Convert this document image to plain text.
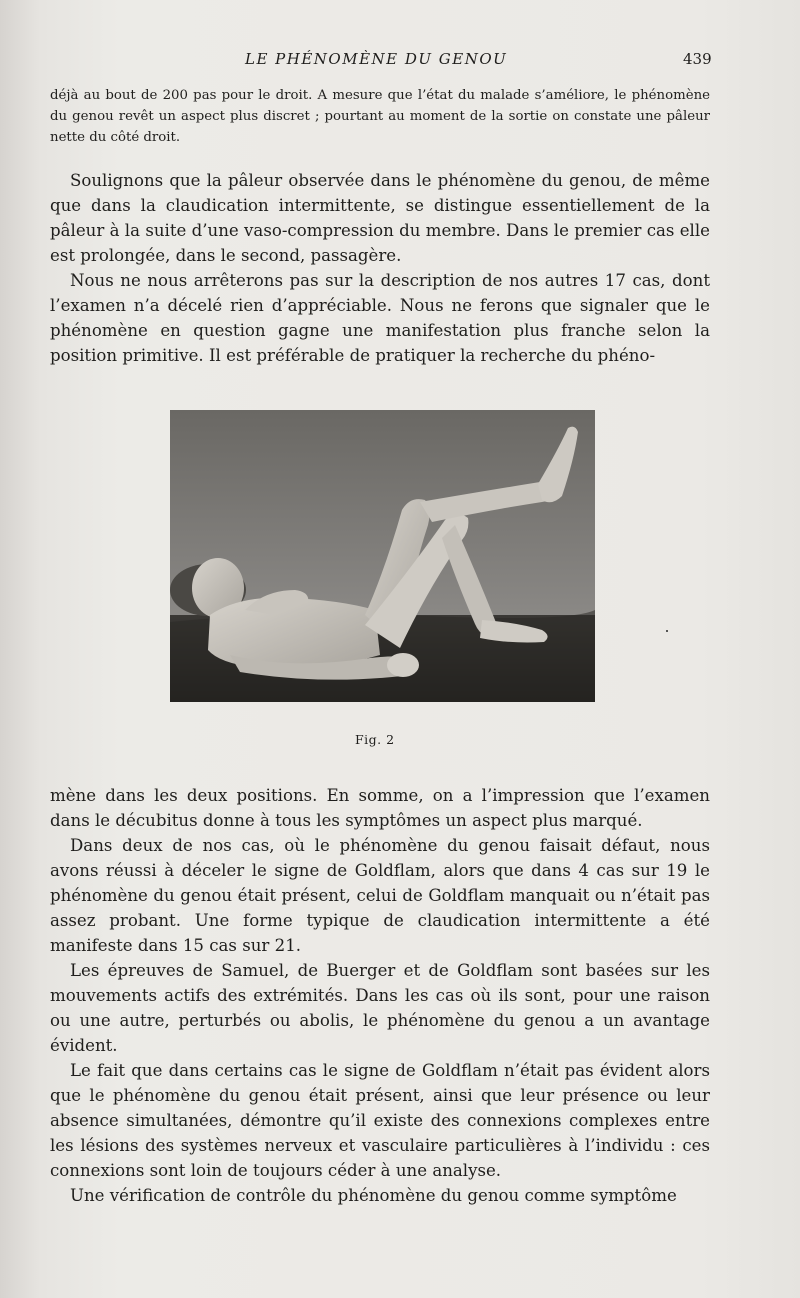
LE PHÉNOMÈNE DU GENOU	439
déjà au bout de 200 pas pour le droit. A mesure que l’état du malade s’améliore, le phénomène du genou revêt un aspect plus discret ; pourtant au moment de la sortie on constate une pâleur nette du côté droit.

Soulignons que la pâleur observée dans le phénomène du genou, de même que dans la claudication intermittente, se distingue essentiellement de la pâleur à la suite d’une vaso-compression du membre. Dans le premier cas elle est prolongée, dans le second, passagère.

Nous ne nous arrêterons pas sur la description de nos autres 17 cas, dont l’examen n’a décelé rien d’appréciable. Nous ne ferons que signaler que le phénomène en question gagne une manifestation plus franche selon la position primitive. Il est préférable de pratiquer la recherche du phéno-

Fig. 2

mène dans les deux positions. En somme, on a l’impression que l’examen dans le décubitus donne à tous les symptômes un aspect plus marqué.

Dans deux de nos cas, où le phénomène du genou faisait défaut, nous avons réussi à déceler le signe de Goldflam, alors que dans 4 cas sur 19 le phénomène du genou était présent, celui de Goldflam manquait ou n’était pas assez probant. Une forme typique de claudication intermittente a été manifeste dans 15 cas sur 21.

Les épreuves de Samuel, de Buerger et de Goldflam sont basées sur les mouvements actifs des extrémités. Dans les cas où ils sont, pour une raison ou une autre, perturbés ou abolis, le phénomène du genou a un avantage évident.

Le fait que dans certains cas le signe de Goldflam n’était pas évident alors que le phénomène du genou était présent, ainsi que leur présence ou leur absence simultanées, démontre qu’il existe des connexions complexes entre les lésions des systèmes nerveux et vasculaire particulières à l’individu : ces connexions sont loin de toujours céder à une analyse.

Une vérification de contrôle du phénomène du genou comme symptôme
